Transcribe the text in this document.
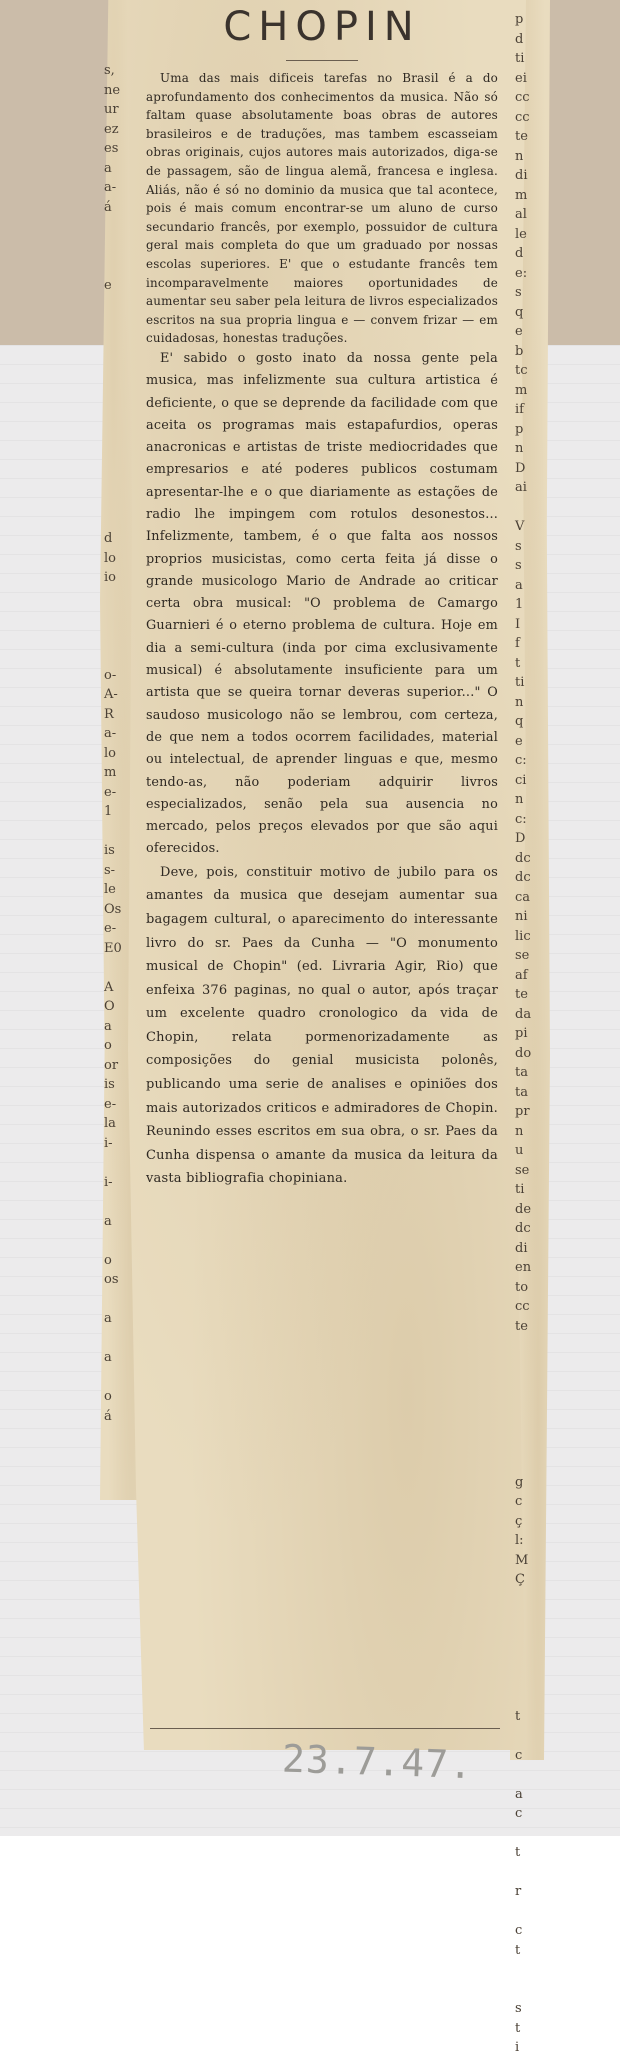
s,
ne
ur
ez
es
a
a-
á

e

d
lo
io

o-
A-
R
a-
lo
m
e-
1

is
s-
le
Os
e-
E0

A
O
a
o
or
is
e-
la
i-

i-

a

o
os

a

a

o
á
p
d
ti
ei
cc
cc
te
n
di
m
al
le
d
e:
s
q
e
b
tc
m
if
p
n
D
ai

V
s
s
a
1
I
f
t
ti
n
q
e
c:
ci
n
c:
D
dc
dc
ca
ni
lic
se
af
te
da
pi
do
ta
ta
pr
n
u
se
ti
de
dc
di
en
to
cc
te

g
c
ç
l:
M
Ç

t

c

a
c

t

r

c
t

s
t
i
CHOPIN

Uma das mais dificeis tarefas no Brasil é a do aprofundamento dos conhecimentos da musica. Não só faltam quase absolutamente boas obras de autores brasileiros e de traduções, mas tambem escasseiam obras originais, cujos autores mais autorizados, diga-se de passagem, são de lingua alemã, francesa e inglesa. Aliás, não é só no dominio da musica que tal acontece, pois é mais comum encontrar-se um aluno de curso secundario francês, por exemplo, possuidor de cultura geral mais completa do que um graduado por nossas escolas superiores. E' que o estudante francês tem incomparavelmente maiores oportunidades de aumentar seu saber pela leitura de livros especializados escritos na sua propria lingua e — convem frizar — em cuidadosas, honestas traduções.

E' sabido o gosto inato da nossa gente pela musica, mas infelizmente sua cultura artistica é deficiente, o que se deprende da facilidade com que aceita os programas mais estapafurdios, operas anacronicas e artistas de triste mediocridades que empresarios e até poderes publicos costumam apresentar-lhe e o que diariamente as estações de radio lhe impingem com rotulos desonestos... Infelizmente, tambem, é o que falta aos nossos proprios musicistas, como certa feita já disse o grande musicologo Mario de Andrade ao criticar certa obra musical: "O problema de Camargo Guarnieri é o eterno problema de cultura. Hoje em dia a semi-cultura (inda por cima exclusivamente musical) é absolutamente insuficiente para um artista que se queira tornar deveras superior..." O saudoso musicologo não se lembrou, com certeza, de que nem a todos ocorrem facilidades, material ou intelectual, de aprender linguas e que, mesmo tendo-as, não poderiam adquirir livros especializados, senão pela sua ausencia no mercado, pelos preços elevados por que são aqui oferecidos.

Deve, pois, constituir motivo de jubilo para os amantes da musica que desejam aumentar sua bagagem cultural, o aparecimento do interessante livro do sr. Paes da Cunha — "O monumento musical de Chopin" (ed. Livraria Agir, Rio) que enfeixa 376 paginas, no qual o autor, após traçar um excelente quadro cronologico da vida de Chopin, relata pormenorizadamente as composições do genial musicista polonês, publicando uma serie de analises e opiniões dos mais autorizados criticos e admiradores de Chopin. Reunindo esses escritos em sua obra, o sr. Paes da Cunha dispensa o amante da musica da leitura da vasta bibliografia chopiniana.

23.7.47.
